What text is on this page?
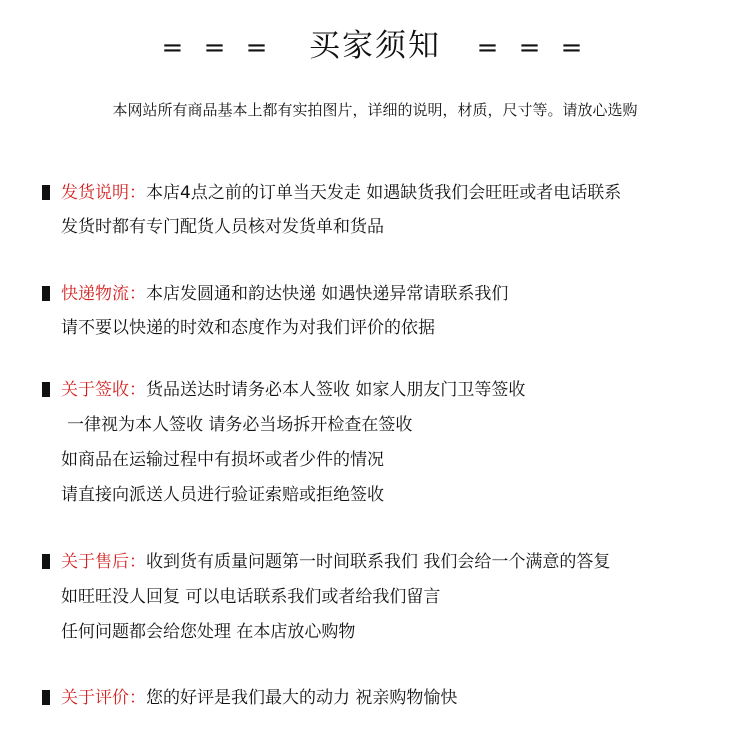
= = = 买家须知 = = =
本网站所有商品基本上都有实拍图片，详细的说明，材质，尺寸等。请放心选购
发货说明：本店4点之前的订单当天发走 如遇缺货我们会旺旺或者电话联系
发货时都有专门配货人员核对发货单和货品
快递物流：本店发圆通和韵达快递 如遇快递异常请联系我们
请不要以快递的时效和态度作为对我们评价的依据
关于签收：货品送达时请务必本人签收 如家人朋友门卫等签收
一律视为本人签收 请务必当场拆开检查在签收
如商品在运输过程中有损坏或者少件的情况
请直接向派送人员进行验证索赔或拒绝签收
关于售后：收到货有质量问题第一时间联系我们 我们会给一个满意的答复
如旺旺没人回复 可以电话联系我们或者给我们留言
任何问题都会给您处理 在本店放心购物
关于评价：您的好评是我们最大的动力 祝亲购物愉快
